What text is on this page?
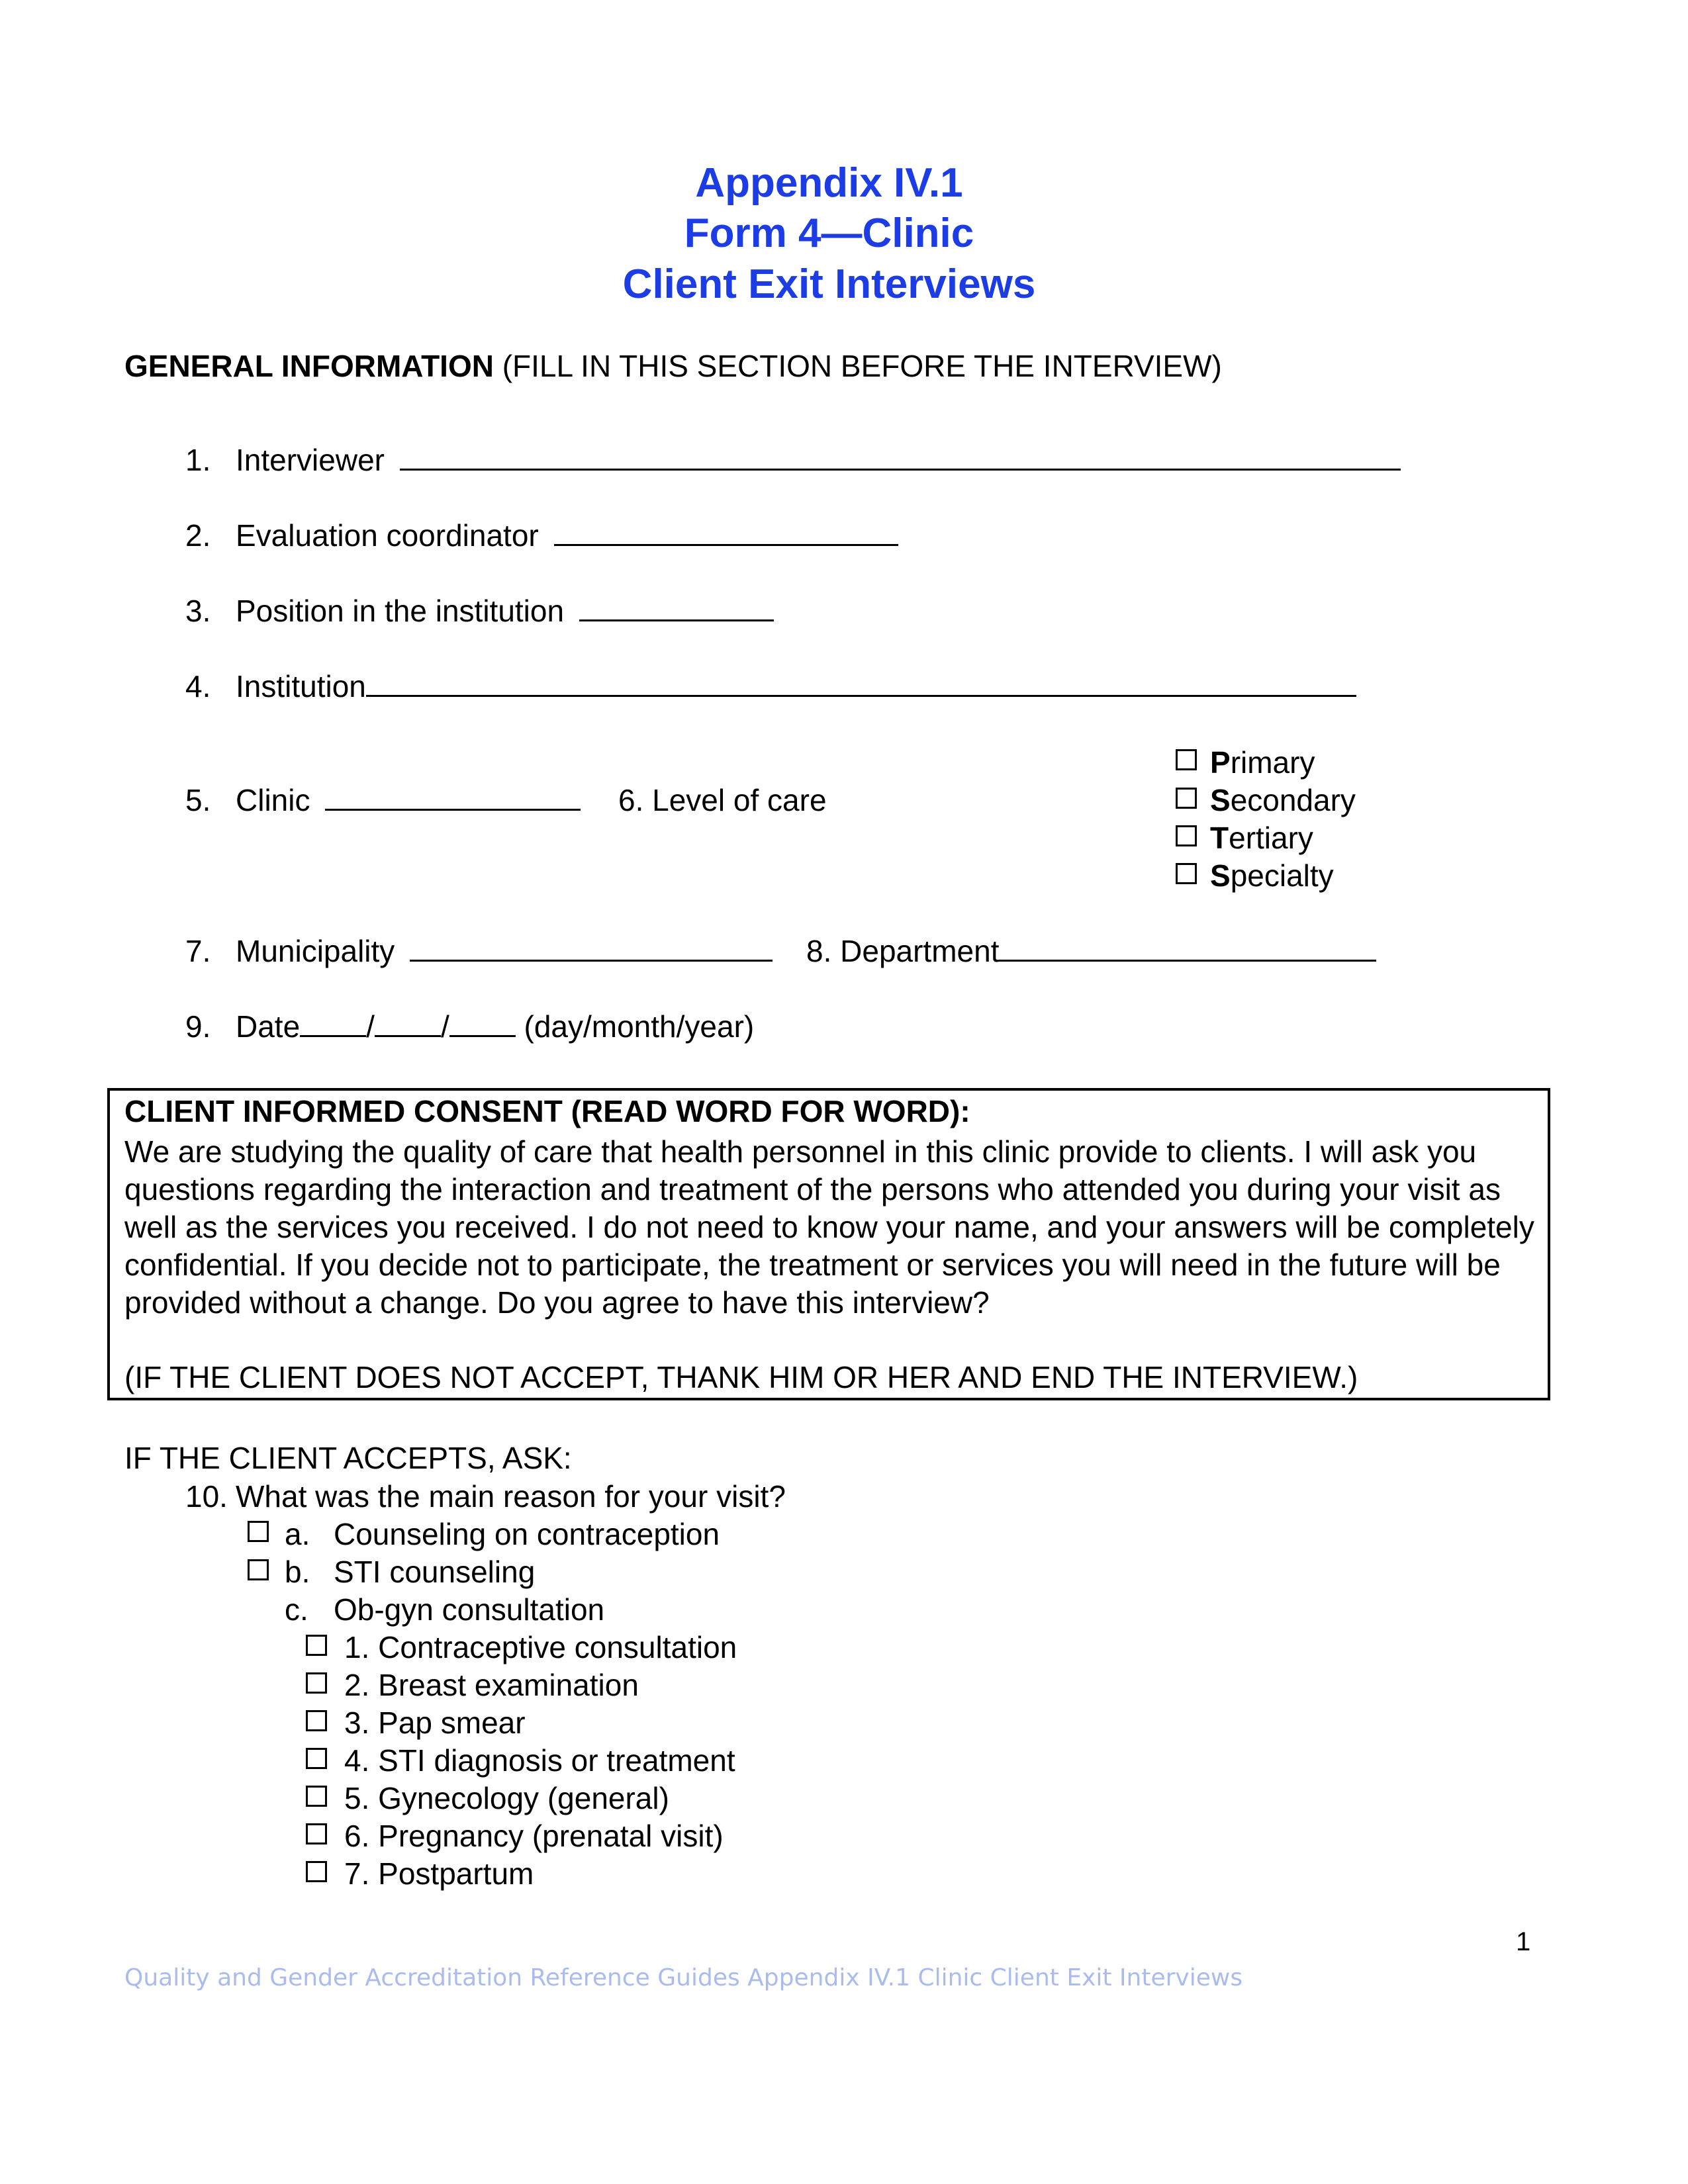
Appendix IV.1
Form 4—Clinic
Client Exit Interviews
GENERAL INFORMATION (FILL IN THIS SECTION BEFORE THE INTERVIEW)
1. Interviewer
2. Evaluation coordinator
3. Position in the institution
4. Institution
5. Clinic	6. Level of care
Primary
Secondary
Tertiary
Specialty
7. Municipality	8. Department
9. Date / / (day/month/year)
CLIENT INFORMED CONSENT (READ WORD FOR WORD):
We are studying the quality of care that health personnel in this clinic provide to clients. I will ask you questions regarding the interaction and treatment of the persons who attended you during your visit as well as the services you received. I do not need to know your name, and your answers will be completely confidential. If you decide not to participate, the treatment or services you will need in the future will be provided without a change. Do you agree to have this interview?
(IF THE CLIENT DOES NOT ACCEPT, THANK HIM OR HER AND END THE INTERVIEW.)
IF THE CLIENT ACCEPTS, ASK:
10. What was the main reason for your visit?
a. Counseling on contraception
b. STI counseling
c. Ob-gyn consultation
1. Contraceptive consultation
2. Breast examination
3. Pap smear
4. STI diagnosis or treatment
5. Gynecology (general)
6. Pregnancy (prenatal visit)
7. Postpartum
1
Quality and Gender Accreditation Reference Guides Appendix IV.1 Clinic Client Exit Interviews
